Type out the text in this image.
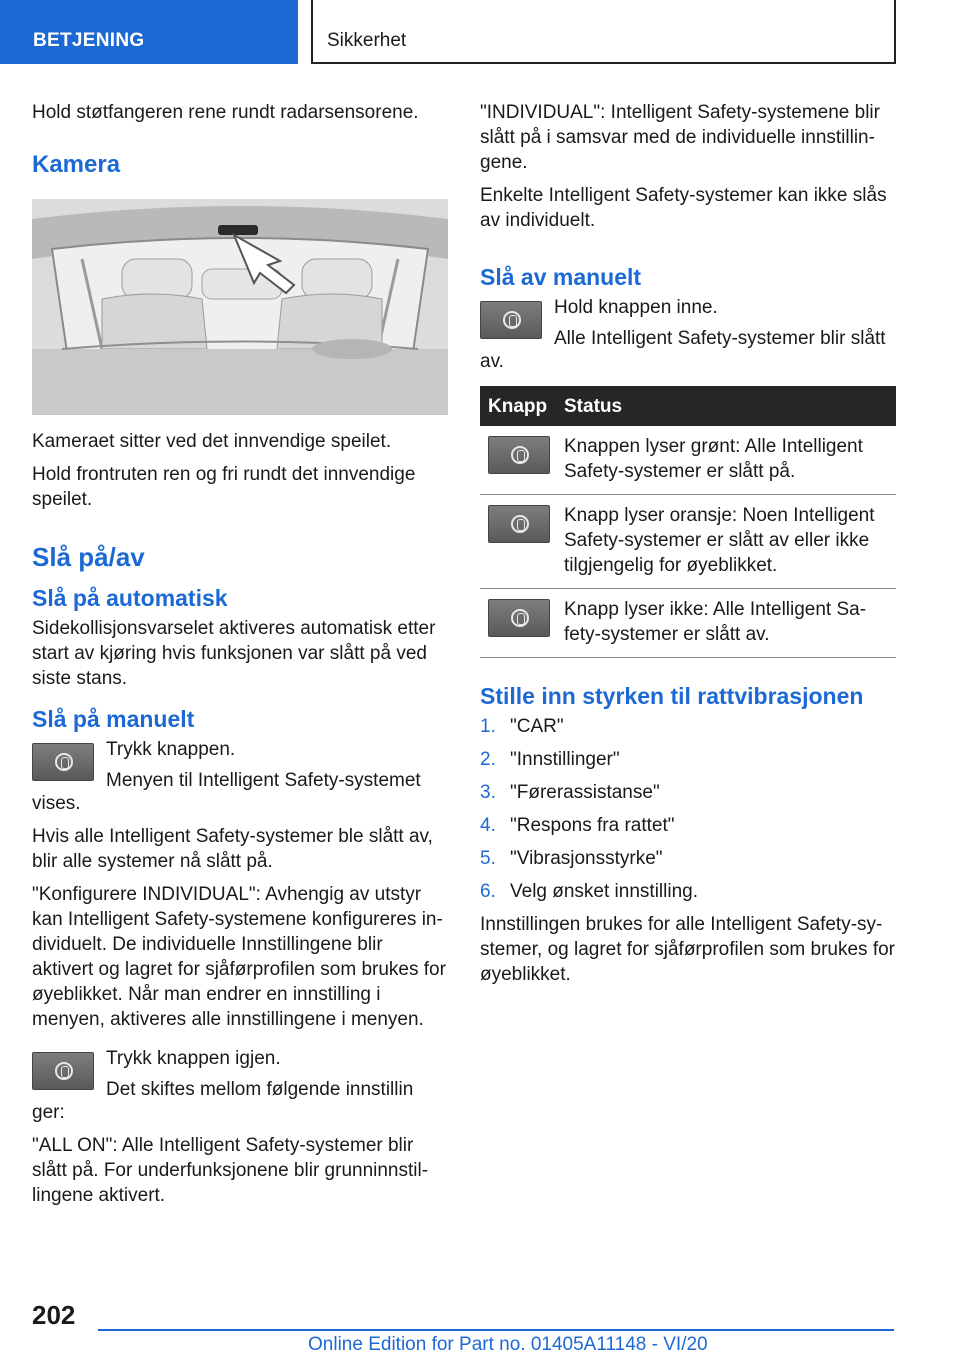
BETJENING	Sikkerhet

Hold støtfangeren rene rundt radarsensorene.

Kamera

Kameraet sitter ved det innvendige speilet.

Hold frontruten ren og fri rundt det innvendige speilet.

Slå på/av
Slå på automatisk

Sidekollisjonsvarselet aktiveres automatisk etter start av kjøring hvis funksjonen var slått på ved siste stans.

Slå på manuelt

Trykk knappen.

Menyen til Intelligent Safety-systemet

vises.

Hvis alle Intelligent Safety-systemer ble slått av, blir alle systemer nå slått på.

"Konfigurere INDIVIDUAL": Avhengig av utstyr kan Intelligent Safety-systemene konfigureres individuelt. De individuelle Innstillingene blir aktivert og lagret for sjåførprofilen som brukes for øyeblikket. Når man endrer en innstilling i menyen, aktiveres alle innstillingene i menyen.

Trykk knappen igjen.

Det skiftes mellom følgende innstillin

ger:

"ALL ON": Alle Intelligent Safety-systemer blir slått på. For underfunksjonene blir grunninnstillingene aktivert.

"INDIVIDUAL": Intelligent Safety-systemene blir slått på i samsvar med de individuelle innstillingene.

Enkelte Intelligent Safety-systemer kan ikke slås av individuelt.

Slå av manuelt

Hold knappen inne.

Alle Intelligent Safety-systemer blir slått

av.

Knapp	Status

	Knappen lyser grønt: Alle Intelligent Safety-systemer er slått på.

	Knapp lyser oransje: Noen Intelligent Safety-systemer er slått av eller ikke tilgjengelig for øyeblikket.

	Knapp lyser ikke: Alle Intelligent Safety-systemer er slått av.
Stille inn styrken til rattvibrasjonen
1. "CAR"
2. "Innstillinger"
3. "Førerassistanse"
4. "Respons fra rattet"
5. "Vibrasjonsstyrke"
6. Velg ønsket innstilling.

Innstillingen brukes for alle Intelligent Safety-systemer, og lagret for sjåførprofilen som brukes for øyeblikket.

202
Online Edition for Part no. 01405A11148 - VI/20
